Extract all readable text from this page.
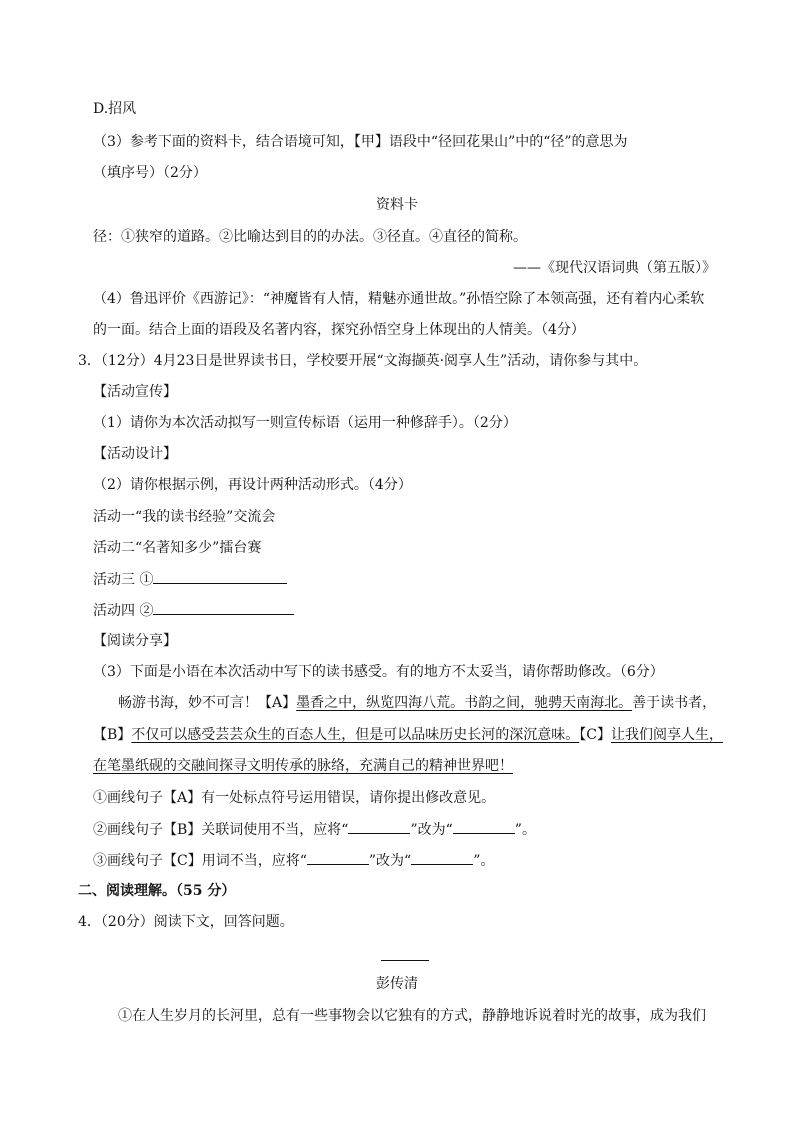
D.招风
（3）参考下面的资料卡，结合语境可知，【甲】语段中“径回花果山”中的“径”的意思为
（填序号）（2分）
资料卡
径：①狭窄的道路。②比喻达到目的的办法。③径直。④直径的简称。
——《现代汉语词典（第五版）》
（4）鲁迅评价《西游记》：“神魔皆有人情，精魅亦通世故。”孙悟空除了本领高强，还有着内心柔软
的一面。结合上面的语段及名著内容，探究孙悟空身上体现出的人情美。（4分）
3．（12分）4月23日是世界读书日，学校要开展“文海撷英·阅享人生”活动，请你参与其中。
【活动宣传】
（1）请你为本次活动拟写一则宣传标语（运用一种修辞手）。（2分）
【活动设计】
（2）请你根据示例，再设计两种活动形式。（4分）
活动一“我的读书经验”交流会
活动二“名著知多少”擂台赛
活动三 ①
活动四 ②
【阅读分享】
（3）下面是小语在本次活动中写下的读书感受。有的地方不太妥当，请你帮助修改。（6分）
畅游书海，妙不可言！【A】墨香之中，纵览四海八荒。书韵之间，驰骋天南海北。善于读书者，
【B】不仅可以感受芸芸众生的百态人生，但是可以品味历史长河的深沉意味。【C】让我们阅享人生，
在笔墨纸砚的交融间探寻文明传承的脉络，充满自己的精神世界吧！
①画线句子【A】有一处标点符号运用错误，请你提出修改意见。
②画线句子【B】关联词使用不当，应将“	”改为“	”。
③画线句子【C】用词不当，应将“	”改为“	”。
二、阅读理解。（55 分）
4．（20分）阅读下文，回答问题。
彭传清
①在人生岁月的长河里，总有一些事物会以它独有的方式，静静地诉说着时光的故事，成为我们
